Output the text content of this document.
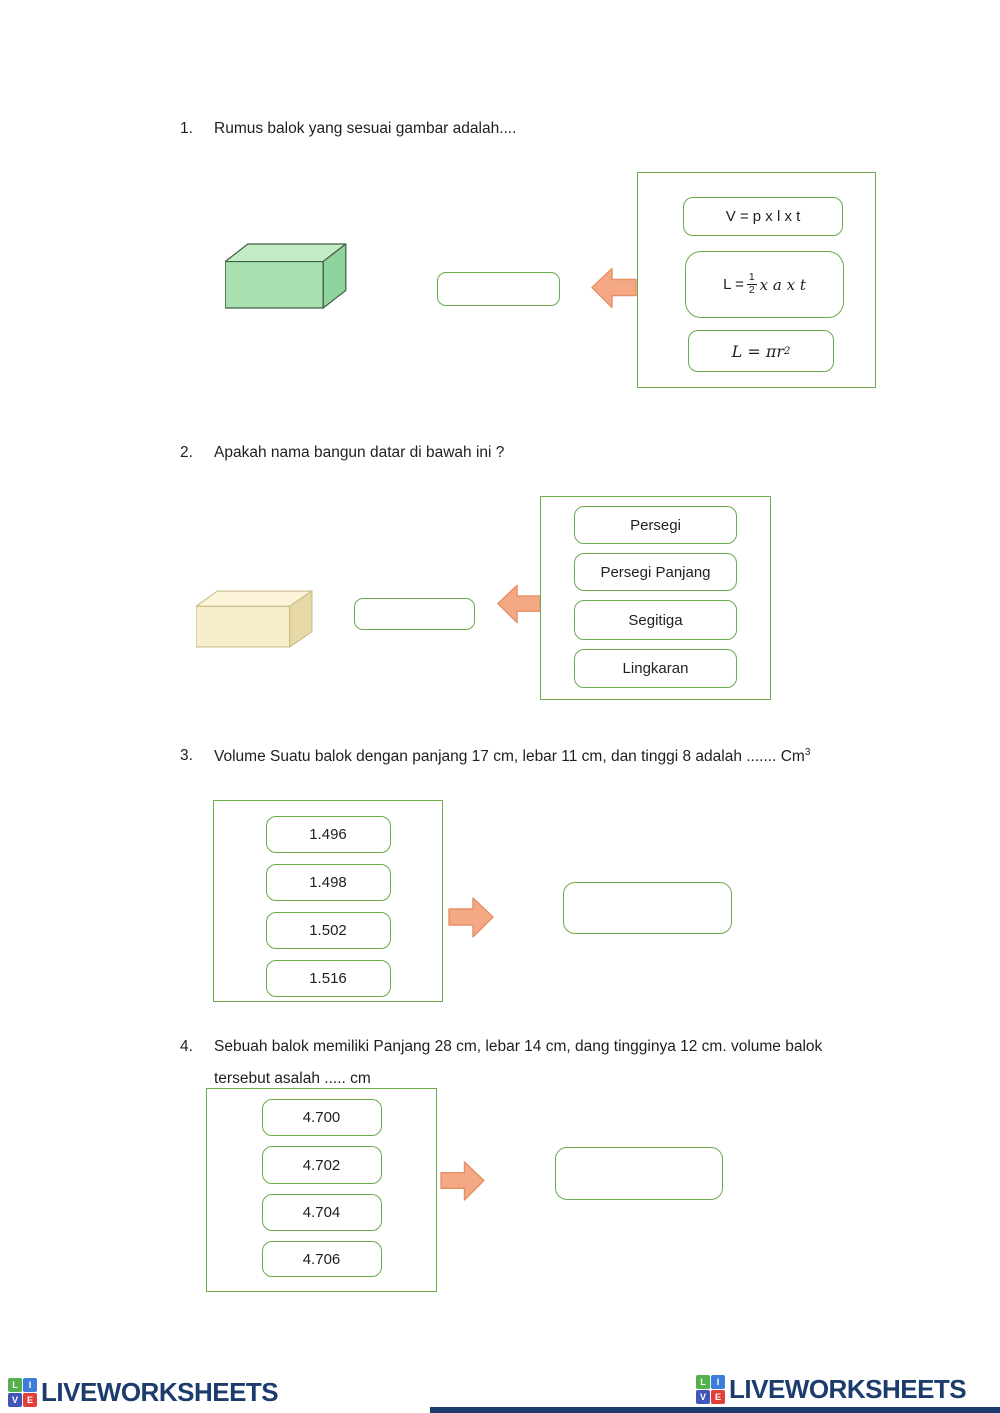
1. Rumus balok yang sesuai gambar adalah....
V = p x l x t
$L = \frac{1}{2}$ x a x t
L = πr 2
2. Apakah nama bangun datar di bawah ini ?
Persegi
Persegi Panjang
Segitiga
Lingkaran
3. Volume Suatu balok dengan panjang 17 cm, lebar 11 cm, dan tinggi 8 adalah ....... Cm$^3$
1.496
1.498
1.502
1.516
4. Sebuah balok memiliki Panjang 28 cm, lebar 14 cm, dang tingginya 12 cm. volume balok
tersebut asalah ..... cm
4.700
4.702
4.704
4.706
L	I
V E LIVEWORKSHEETS	L	I
V E LIVEWORKSHEETS
